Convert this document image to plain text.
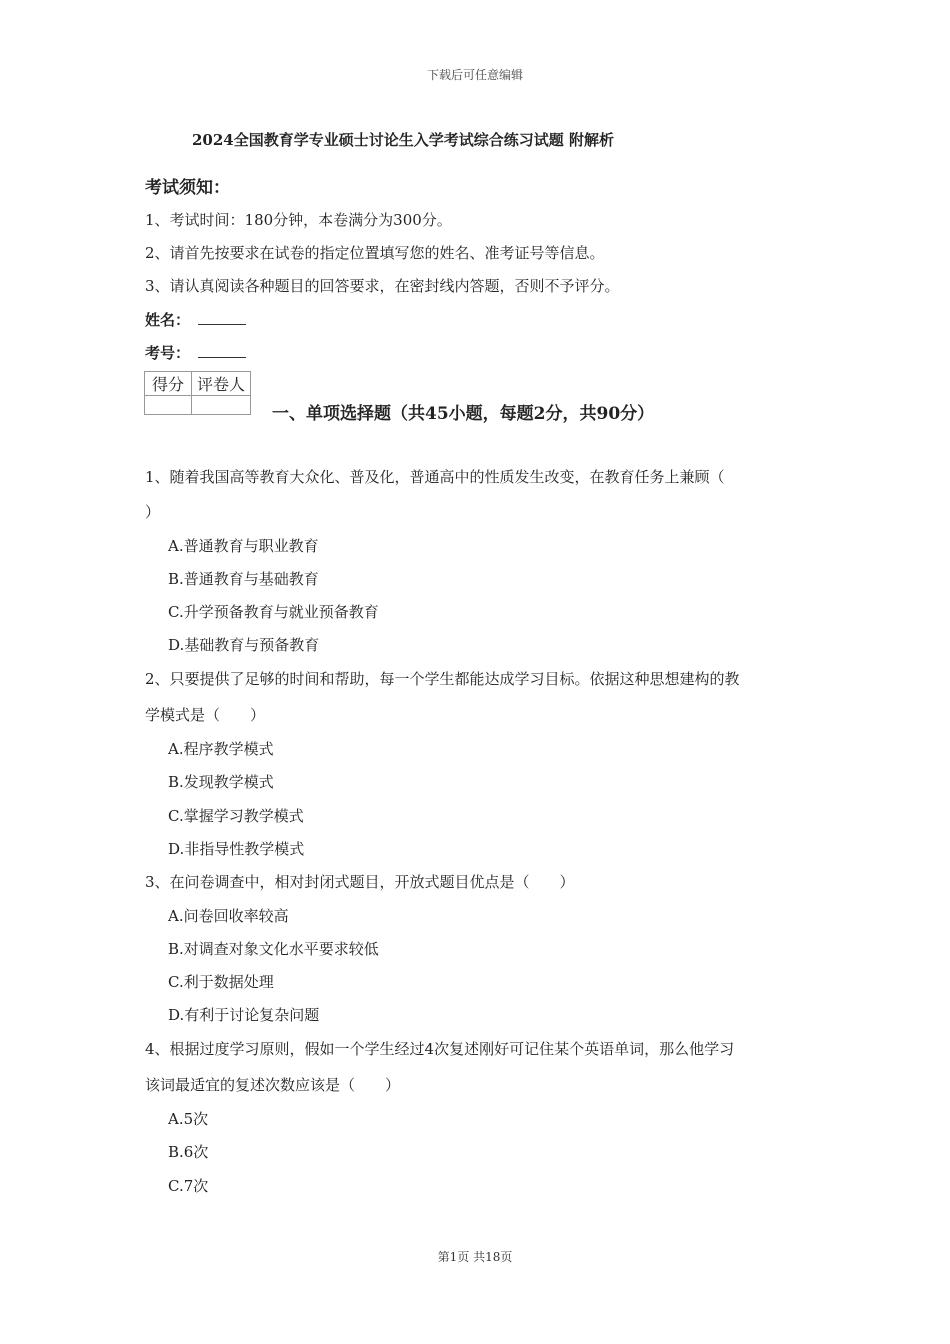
下载后可任意编辑
2024全国教育学专业硕士讨论生入学考试综合练习试题 附解析
考试须知：
1、考试时间：180分钟，本卷满分为300分。
2、请首先按要求在试卷的指定位置填写您的姓名、准考证号等信息。
3、请认真阅读各种题目的回答要求，在密封线内答题，否则不予评分。
姓名：
考号：
得分	评卷人

一、单项选择题（共45小题，每题2分，共90分）
1、随着我国高等教育大众化、普及化，普通高中的性质发生改变，在教育任务上兼顾（
）
A.普通教育与职业教育
B.普通教育与基础教育
C.升学预备教育与就业预备教育
D.基础教育与预备教育
2、只要提供了足够的时间和帮助，每一个学生都能达成学习目标。依据这种思想建构的教
学模式是（　　）
A.程序教学模式
B.发现教学模式
C.掌握学习教学模式
D.非指导性教学模式
3、在问卷调查中，相对封闭式题目，开放式题目优点是（　　）
A.问卷回收率较高
B.对调查对象文化水平要求较低
C.利于数据处理
D.有利于讨论复杂问题
4、根据过度学习原则，假如一个学生经过4次复述刚好可记住某个英语单词，那么他学习
该词最适宜的复述次数应该是（　　）
A.5次
B.6次
C.7次
第1页 共18页
